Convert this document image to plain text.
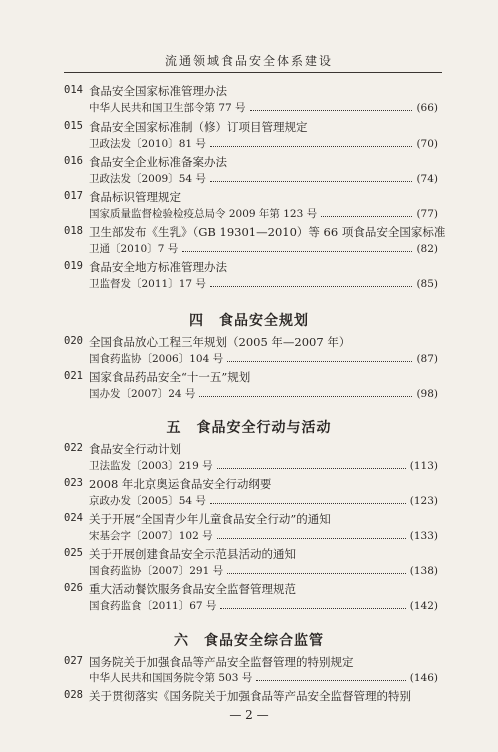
流通领域食品安全体系建设

014 食品安全国家标准管理办法
中华人民共和国卫生部令第 77 号	(66)
015 食品安全国家标准制（修）订项目管理规定
卫政法发〔2010〕81 号	(70)
016 食品安全企业标准备案办法
卫政法发〔2009〕54 号	(74)
017 食品标识管理规定
国家质量监督检验检疫总局令 2009 年第 123 号	(77)
018 卫生部发布《生乳》（GB 19301—2010）等 66 项食品安全国家标准
卫通〔2010〕7 号	(82)
019 食品安全地方标准管理办法
卫监督发〔2011〕17 号	(85)
四　食品安全规划
020 全国食品放心工程三年规划（2005 年—2007 年）
国食药监协〔2006〕104 号	(87)
021 国家食品药品安全“十一五”规划
国办发〔2007〕24 号	(98)
五　食品安全行动与活动
022 食品安全行动计划
卫法监发〔2003〕219 号	(113)
023 2008 年北京奥运食品安全行动纲要
京政办发〔2005〕54 号	(123)
024 关于开展“全国青少年儿童食品安全行动”的通知
宋基会字〔2007〕102 号	(133)
025 关于开展创建食品安全示范县活动的通知
国食药监协〔2007〕291 号	(138)
026 重大活动餐饮服务食品安全监督管理规范
国食药监食〔2011〕67 号	(142)
六　食品安全综合监管
027 国务院关于加强食品等产品安全监督管理的特别规定
中华人民共和国国务院令第 503 号	(146)
028 关于贯彻落实《国务院关于加强食品等产品安全监督管理的特别
— 2 —
